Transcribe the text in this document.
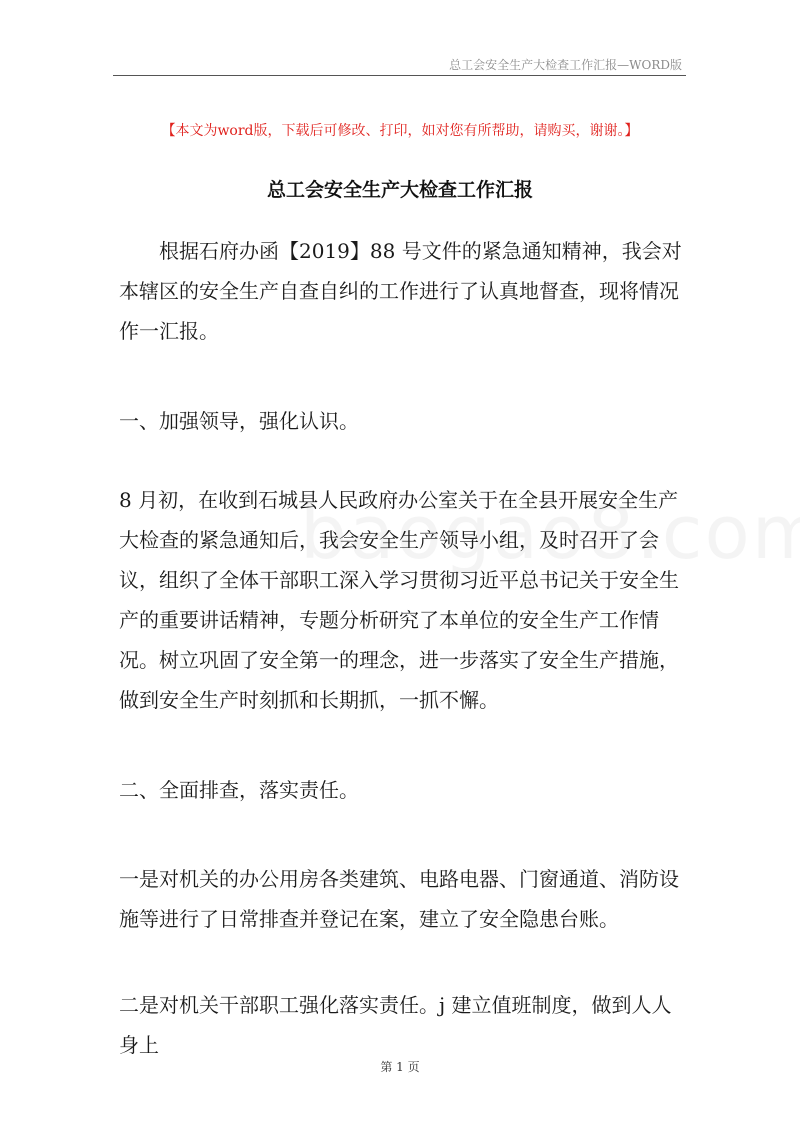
总工会安全生产大检查工作汇报—WORD版
【本文为word版，下载后可修改、打印，如对您有所帮助，请购买，谢谢。】
总工会安全生产大检查工作汇报
根据石府办函【2019】88 号文件的紧急通知精神，我会对本辖区的安全生产自查自纠的工作进行了认真地督查，现将情况作一汇报。
一、加强领导，强化认识。
8 月初，在收到石城县人民政府办公室关于在全县开展安全生产大检查的紧急通知后，我会安全生产领导小组，及时召开了会议，组织了全体干部职工深入学习贯彻习近平总书记关于安全生产的重要讲话精神，专题分析研究了本单位的安全生产工作情况。树立巩固了安全第一的理念，进一步落实了安全生产措施，做到安全生产时刻抓和长期抓，一抓不懈。
二、全面排查，落实责任。
一是对机关的办公用房各类建筑、电路电器、门窗通道、消防设施等进行了日常排查并登记在案，建立了安全隐患台账。
二是对机关干部职工强化落实责任。j 建立值班制度，做到人人身上
第 1 页
